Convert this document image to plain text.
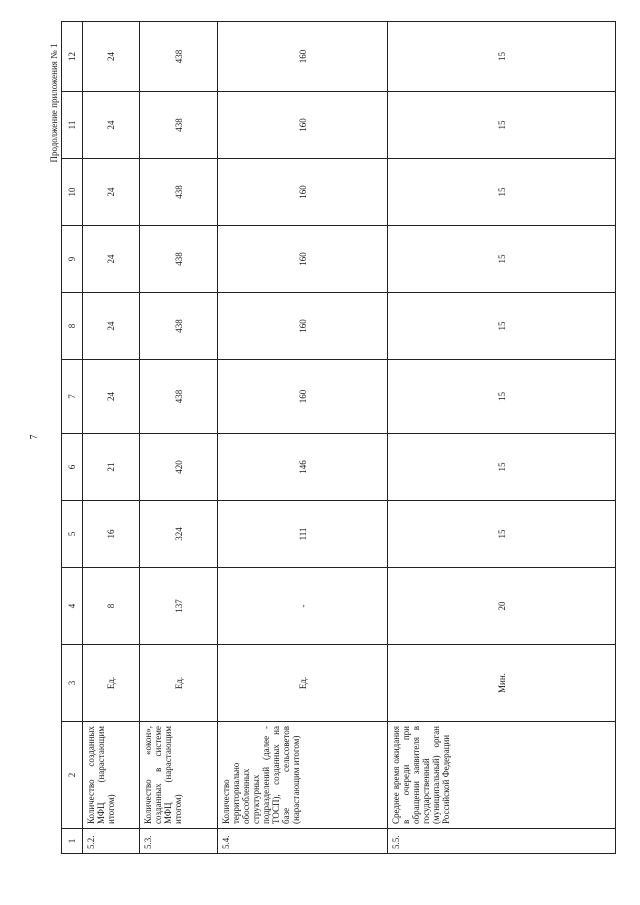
7
Продолжение приложения № 1
1	2	3	4	5	6	7	8	9	10	11	12
5.2.	Количество созданных МФЦ (нарастающим итогом)	Ед.	8	16	21	24	24	24	24	24	24
5.3.	Количество «окон», созданных в системе МФЦ (нарастающим итогом)	Ед.	137	324	420	438	438	438	438	438	438
5.4.	Количество территориально обособленных структурных подразделений (далее - ТОСП), созданных на базе сельсоветов (нарастающим итогом)	Ед.	-	111	146	160	160	160	160	160	160
5.5.	Среднее время ожидания в очереди при обращении заявителя в государственный (муниципальный) орган Российской Федерации	Мин.	20	15	15	15	15	15	15	15	15
